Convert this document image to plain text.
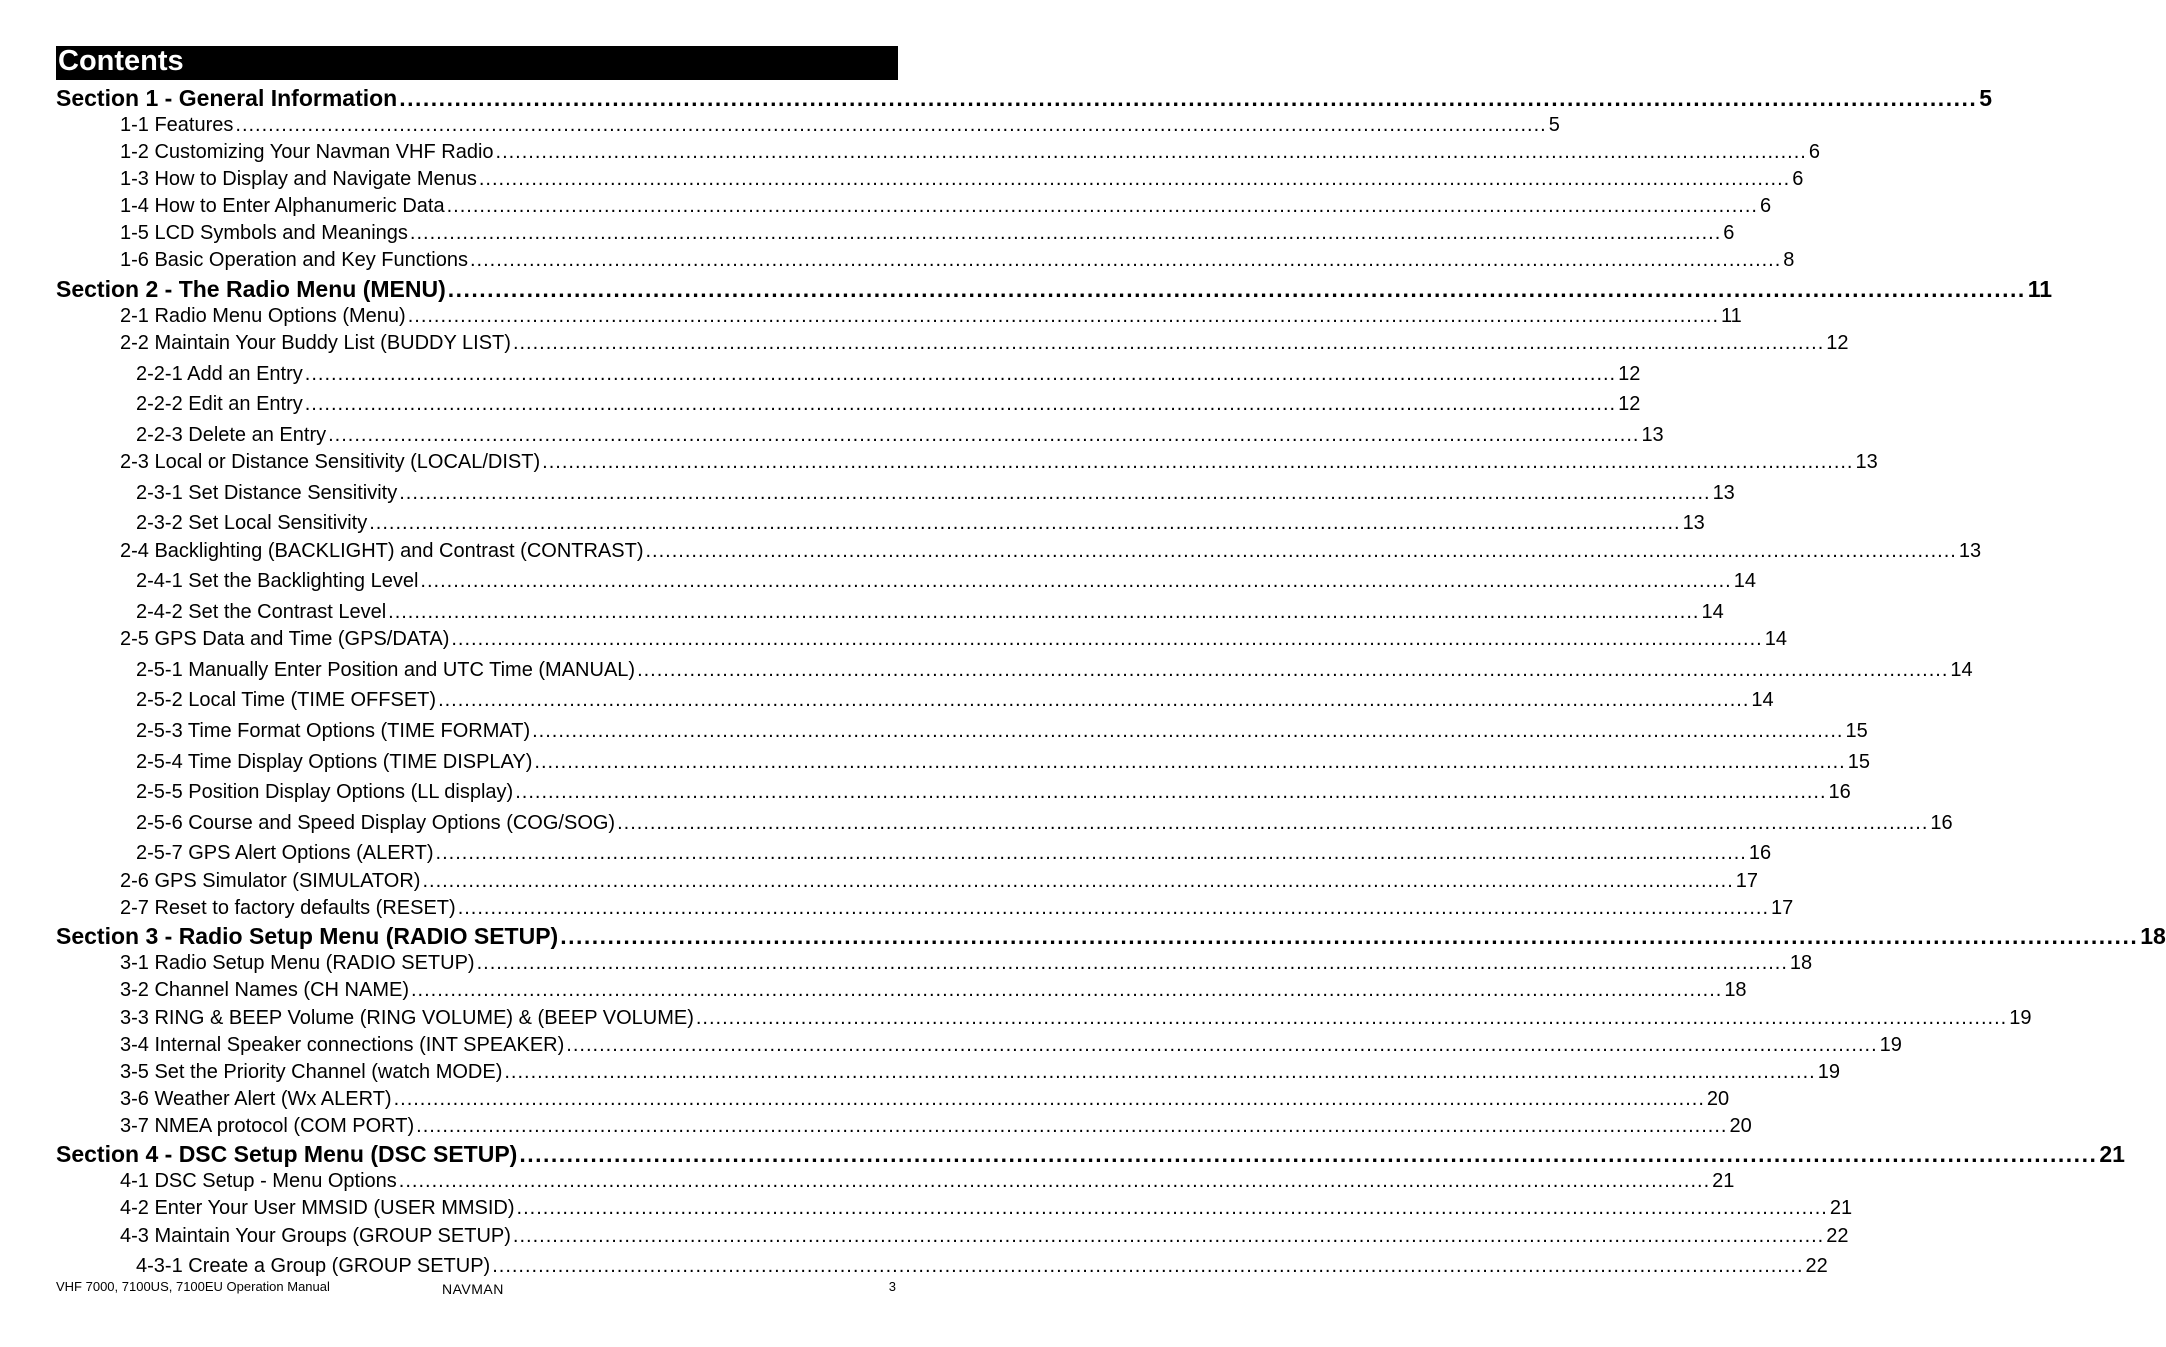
Contents
Section 1 - General Information ........................................................................................................................................................................................................ 5
1-1 Features ........................................................................................................................................................................................................ 5
1-2 Customizing Your Navman VHF Radio ........................................................................................................................................................................................................ 6
1-3 How to Display and Navigate Menus ........................................................................................................................................................................................................ 6
1-4 How to Enter Alphanumeric Data ........................................................................................................................................................................................................ 6
1-5 LCD Symbols and Meanings ........................................................................................................................................................................................................ 6
1-6 Basic Operation and Key Functions ........................................................................................................................................................................................................ 8
Section 2 - The Radio Menu (MENU) ........................................................................................................................................................................................................ 11
2-1 Radio Menu Options (Menu) ........................................................................................................................................................................................................ 11
2-2 Maintain Your Buddy List (BUDDY LIST) ........................................................................................................................................................................................................ 12
2-2-1 Add an Entry ........................................................................................................................................................................................................ 12
2-2-2 Edit an Entry ........................................................................................................................................................................................................ 12
2-2-3 Delete an Entry ........................................................................................................................................................................................................ 13
2-3 Local or Distance Sensitivity (LOCAL/DIST) ........................................................................................................................................................................................................ 13
2-3-1 Set Distance Sensitivity ........................................................................................................................................................................................................ 13
2-3-2 Set Local Sensitivity ........................................................................................................................................................................................................ 13
2-4 Backlighting (BACKLIGHT) and Contrast (CONTRAST) ........................................................................................................................................................................................................ 13
2-4-1 Set the Backlighting Level ........................................................................................................................................................................................................ 14
2-4-2 Set the Contrast Level ........................................................................................................................................................................................................ 14
2-5 GPS Data and Time (GPS/DATA) ........................................................................................................................................................................................................ 14
2-5-1 Manually Enter Position and UTC Time (MANUAL) ........................................................................................................................................................................................................ 14
2-5-2 Local Time (TIME OFFSET) ........................................................................................................................................................................................................ 14
2-5-3 Time Format Options (TIME FORMAT) ........................................................................................................................................................................................................ 15
2-5-4 Time Display Options (TIME DISPLAY) ........................................................................................................................................................................................................ 15
2-5-5 Position Display Options (LL display) ........................................................................................................................................................................................................ 16
2-5-6 Course and Speed Display Options (COG/SOG) ........................................................................................................................................................................................................ 16
2-5-7 GPS Alert Options (ALERT) ........................................................................................................................................................................................................ 16
2-6 GPS Simulator (SIMULATOR) ........................................................................................................................................................................................................ 17
2-7 Reset to factory defaults (RESET) ........................................................................................................................................................................................................ 17
Section 3 - Radio Setup Menu (RADIO SETUP) ........................................................................................................................................................................................................ 18
3-1 Radio Setup Menu (RADIO SETUP) ........................................................................................................................................................................................................ 18
3-2 Channel Names (CH NAME) ........................................................................................................................................................................................................ 18
3-3 RING & BEEP Volume (RING VOLUME) & (BEEP VOLUME) ........................................................................................................................................................................................................ 19
3-4 Internal Speaker connections (INT SPEAKER) ........................................................................................................................................................................................................ 19
3-5 Set the Priority Channel (watch MODE) ........................................................................................................................................................................................................ 19
3-6 Weather Alert (Wx ALERT) ........................................................................................................................................................................................................ 20
3-7 NMEA protocol (COM PORT) ........................................................................................................................................................................................................ 20
Section 4 - DSC Setup Menu (DSC SETUP) ........................................................................................................................................................................................................ 21
4-1 DSC Setup - Menu Options ........................................................................................................................................................................................................ 21
4-2 Enter Your User MMSID (USER MMSID) ........................................................................................................................................................................................................ 21
4-3 Maintain Your Groups (GROUP SETUP) ........................................................................................................................................................................................................ 22
4-3-1 Create a Group (GROUP SETUP) ........................................................................................................................................................................................................ 22
VHF 7000, 7100US, 7100EU Operation Manual	NAVMAN	3
